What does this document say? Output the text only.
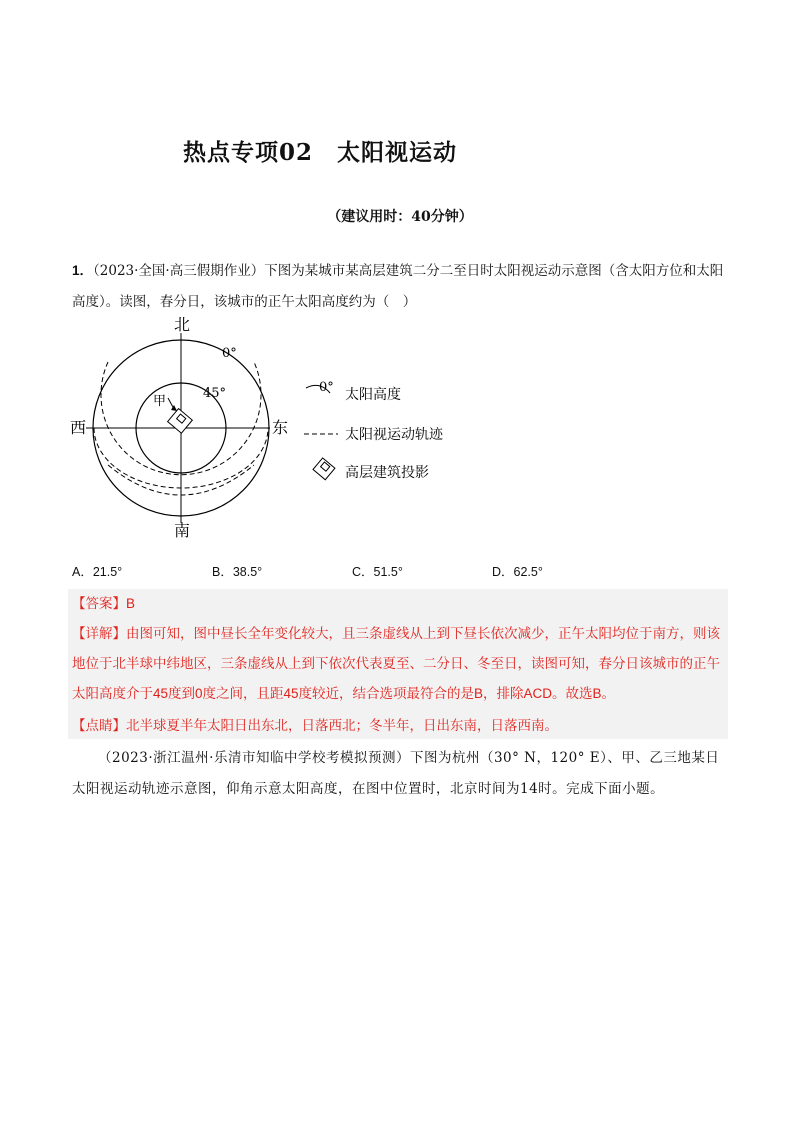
热点专项02　太阳视运动
（建议用时：40分钟）
1．（2023·全国·高三假期作业）下图为某城市某高层建筑二分二至日时太阳视运动示意图（含太阳方位和太阳高度）。读图，春分日，该城市的正午太阳高度约为（　）
甲
0°
45°
北
南
西	东
0° 太阳高度
太阳视运动轨迹
高层建筑投影
A．21.5°	B．38.5°	C．51.5°	D．62.5°
【答案】B
【详解】由图可知，图中昼长全年变化较大，且三条虚线从上到下昼长依次减少，正午太阳均位于南方，则该地位于北半球中纬地区，三条虚线从上到下依次代表夏至、二分日、冬至日，读图可知，春分日该城市的正午太阳高度介于45度到0度之间，且距45度较近，结合选项最符合的是B，排除ACD。故选B。
【点睛】北半球夏半年太阳日出东北，日落西北；冬半年，日出东南，日落西南。
（2023·浙江温州·乐清市知临中学校考模拟预测）下图为杭州（30° N，120° E）、甲、乙三地某日太阳视运动轨迹示意图，仰角示意太阳高度，在图中位置时，北京时间为14时。完成下面小题。
